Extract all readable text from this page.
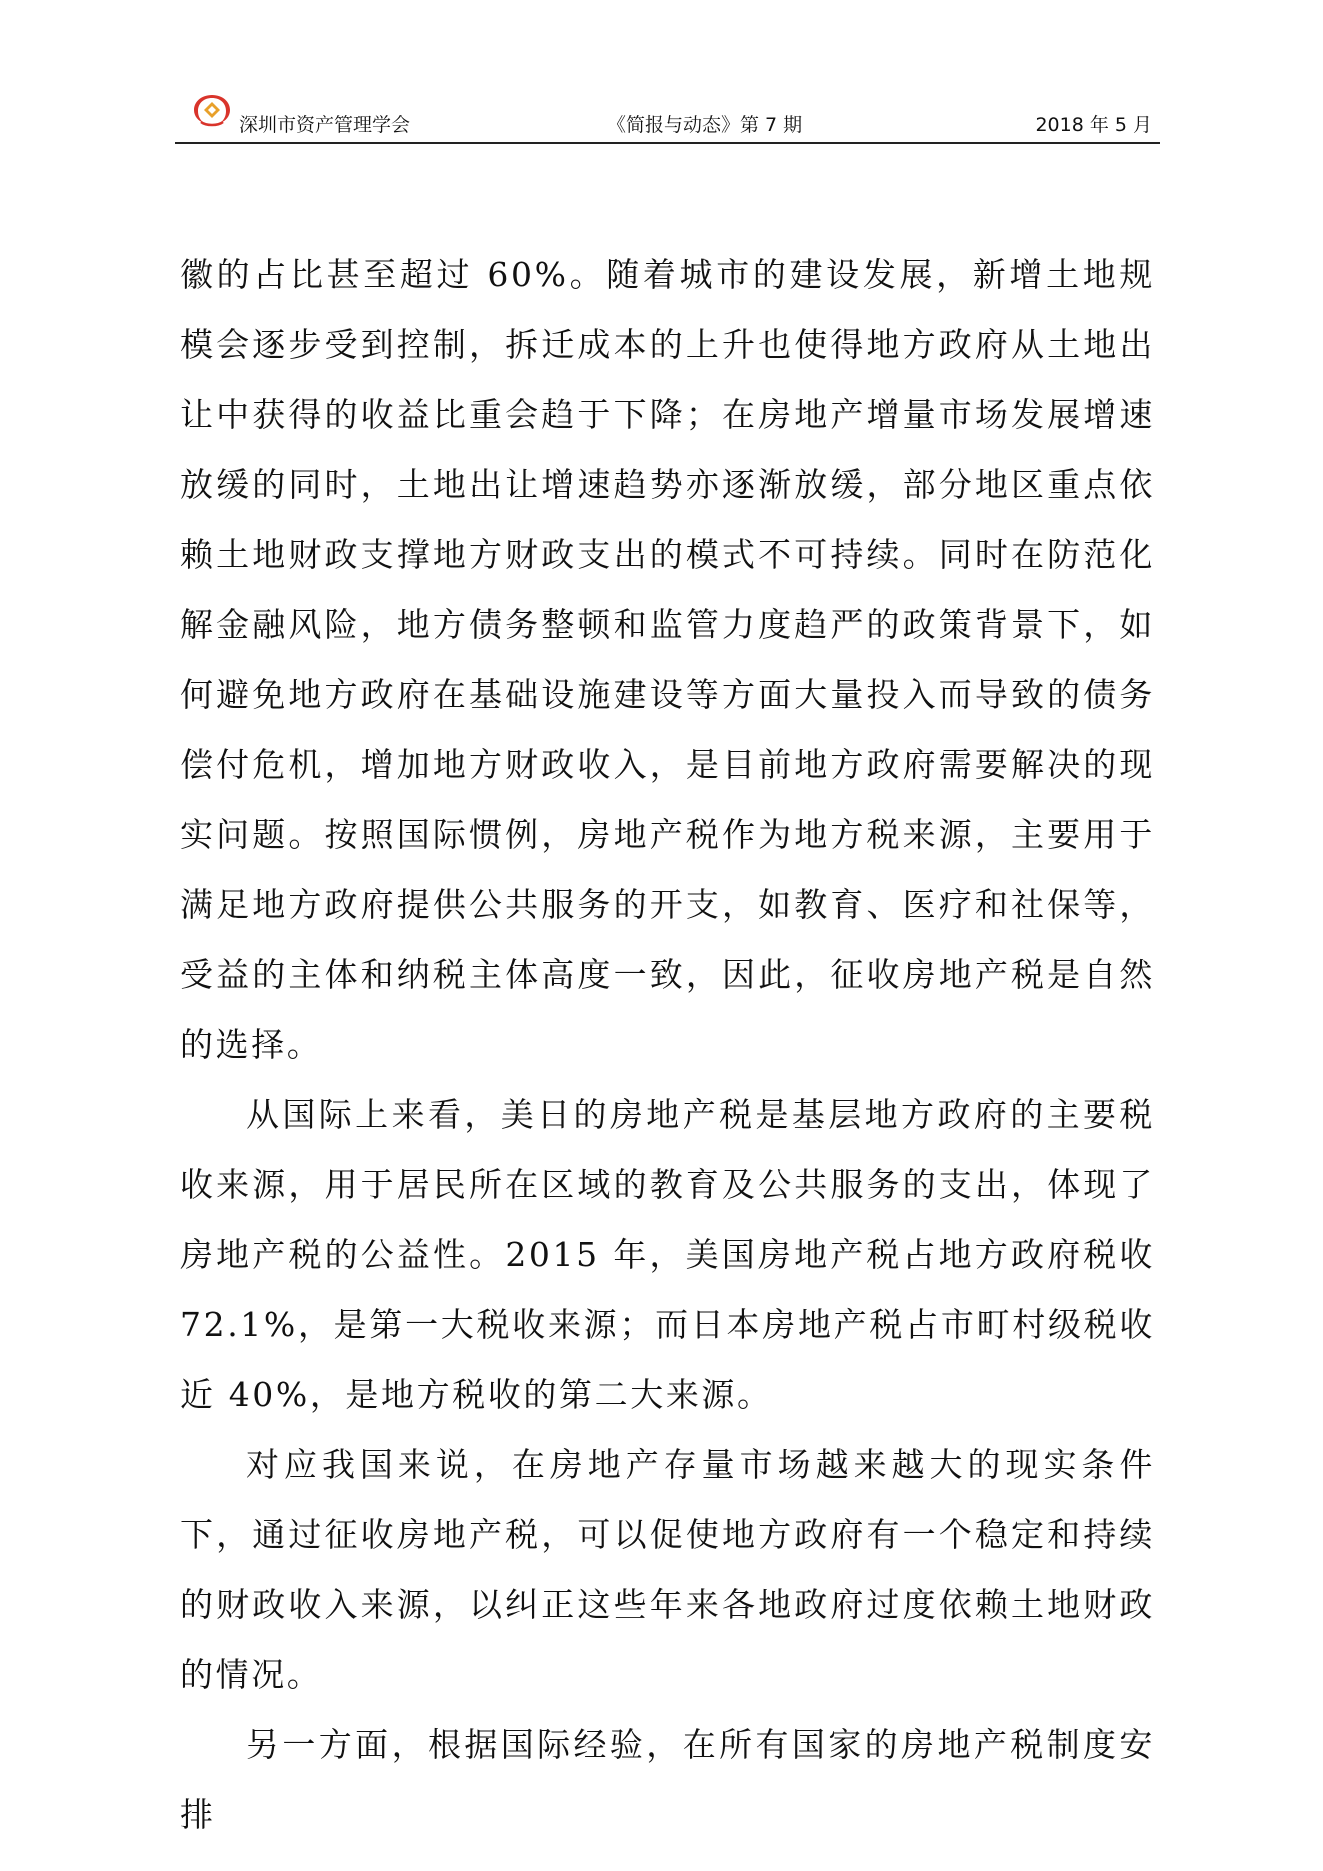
深圳市资产管理学会	《简报与动态》第 7 期	2018 年 5 月

徽的占比甚至超过 60%。随着城市的建设发展，新增土地规模会逐步受到控制，拆迁成本的上升也使得地方政府从土地出让中获得的收益比重会趋于下降；在房地产增量市场发展增速放缓的同时，土地出让增速趋势亦逐渐放缓，部分地区重点依赖土地财政支撑地方财政支出的模式不可持续。同时在防范化解金融风险，地方债务整顿和监管力度趋严的政策背景下，如何避免地方政府在基础设施建设等方面大量投入而导致的债务偿付危机，增加地方财政收入，是目前地方政府需要解决的现实问题。按照国际惯例，房地产税作为地方税来源，主要用于满足地方政府提供公共服务的开支，如教育、医疗和社保等，受益的主体和纳税主体高度一致，因此，征收房地产税是自然的选择。

从国际上来看，美日的房地产税是基层地方政府的主要税收来源，用于居民所在区域的教育及公共服务的支出，体现了房地产税的公益性。2015 年，美国房地产税占地方政府税收 72.1%，是第一大税收来源；而日本房地产税占市町村级税收近 40%，是地方税收的第二大来源。

对应我国来说，在房地产存量市场越来越大的现实条件下，通过征收房地产税，可以促使地方政府有一个稳定和持续的财政收入来源，以纠正这些年来各地政府过度依赖土地财政的情况。

另一方面，根据国际经验，在所有国家的房地产税制度安排
